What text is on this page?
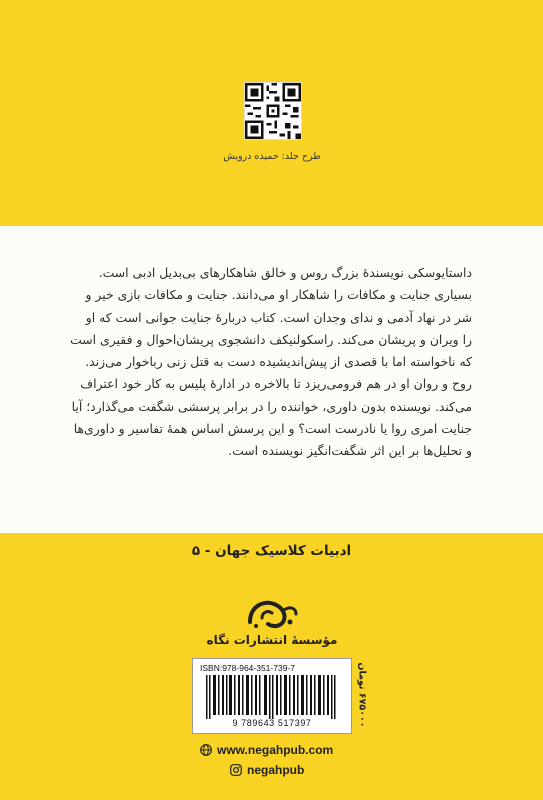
طرح جلد: حمیده درویش
داستایوسکی نویسندهٔ بزرگ روس و خالق شاهکارهای بی‌بدیل ادبی است.
بسیاری جنایت و مکافات را شاهکار او می‌دانند. جنایت و مکافات بازی خیر و
شر در نهاد آدمی و ندای وجدان است. کتاب دربارهٔ جنایت جوانی است که او
را ویران و پریشان می‌کند. راسکولنیکف دانشجوی پریشان‌احوال و فقیری است
که ناخواسته اما با قصدی از پیش‌اندیشیده دست به قتل زنی رباخوار می‌زند.
روح و روان او در هم فرومی‌ریزد تا بالاخره در ادارهٔ پلیس به کار خود اعتراف
می‌کند. نویسنده بدون داوری، خواننده را در برابر پرسشی شگفت می‌گذارد؛ آیا
جنایت امری روا یا نادرست است؟ و این پرسش اساس همهٔ تفاسیر و داوری‌ها
و تحلیل‌ها بر این اثر شگفت‌انگیز نویسنده است.
ادبیات کلاسیک جهان - ۵
مؤسسهٔ انتشارات نگاه
ISBN:978-964-351-739-7
9 789643 517397
۶۷۵۰۰۰ تومان
www.negahpub.com
negahpub
